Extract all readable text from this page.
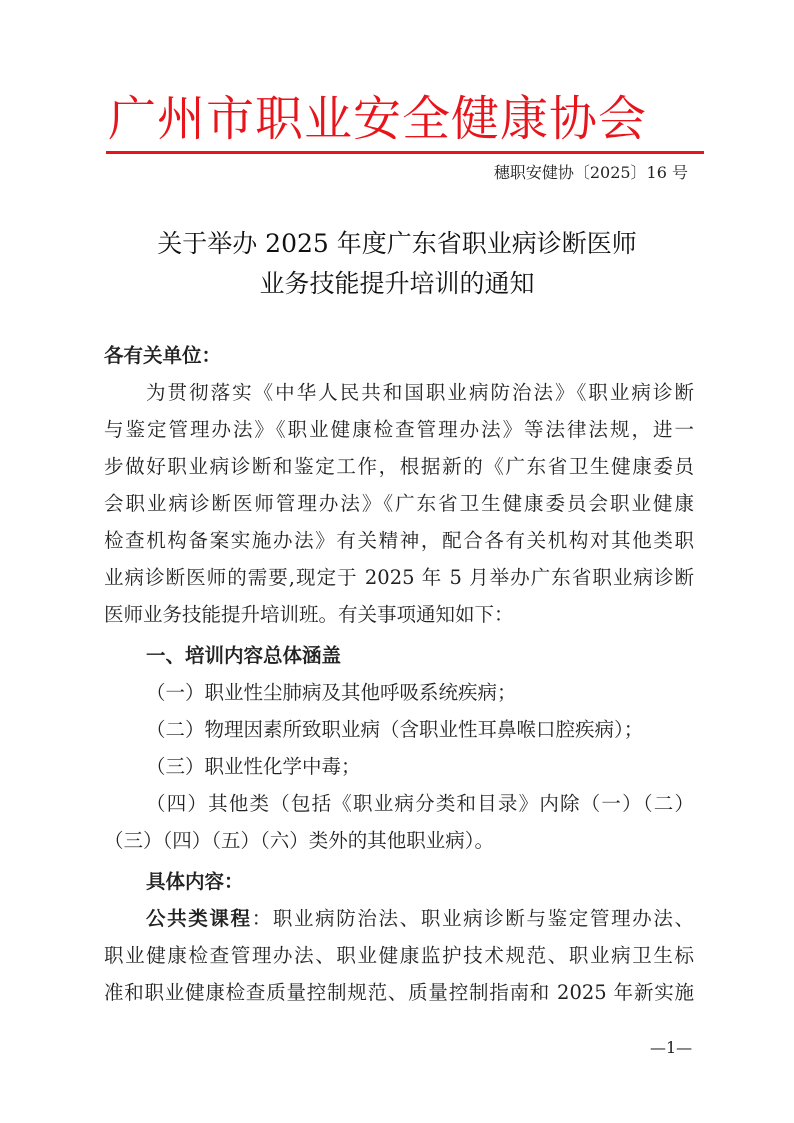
广州市职业安全健康协会
穗职安健协〔2025〕16 号
关于举办 2025 年度广东省职业病诊断医师
业务技能提升培训的通知
各有关单位：
为贯彻落实《中华人民共和国职业病防治法》《职业病诊断
与鉴定管理办法》《职业健康检查管理办法》等法律法规，进一
步做好职业病诊断和鉴定工作，根据新的《广东省卫生健康委员
会职业病诊断医师管理办法》《广东省卫生健康委员会职业健康
检查机构备案实施办法》有关精神，配合各有关机构对其他类职
业病诊断医师的需要,现定于 2025 年 5 月举办广东省职业病诊断
医师业务技能提升培训班。有关事项通知如下：
一、培训内容总体涵盖
（一）职业性尘肺病及其他呼吸系统疾病；
（二）物理因素所致职业病（含职业性耳鼻喉口腔疾病）；
（三）职业性化学中毒；
（四）其他类（包括《职业病分类和目录》内除（一）（二）
（三）（四）（五）（六）类外的其他职业病）。
具体内容：
公共类课程：职业病防治法、职业病诊断与鉴定管理办法、
职业健康检查管理办法、职业健康监护技术规范、职业病卫生标
准和职业健康检查质量控制规范、质量控制指南和 2025 年新实施
—1—
